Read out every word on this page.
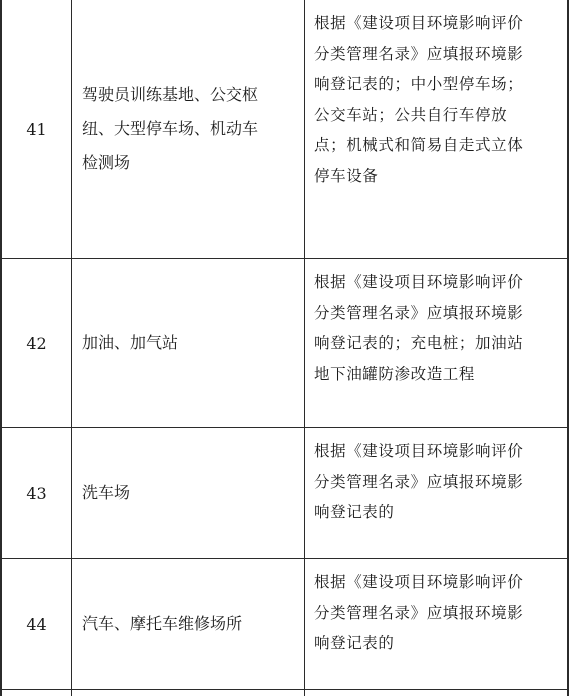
41
驾驶员训练基地、公交枢
纽、大型停车场、机动车
检测场
根据《建设项目环境影响评价
分类管理名录》应填报环境影
响登记表的；中小型停车场；
公交车站；公共自行车停放
点；机械式和简易自走式立体
停车设备
42 加油、加气站
根据《建设项目环境影响评价
分类管理名录》应填报环境影
响登记表的；充电桩；加油站
地下油罐防渗改造工程
43 洗车场
根据《建设项目环境影响评价
分类管理名录》应填报环境影
响登记表的
44 汽车、摩托车维修场所
根据《建设项目环境影响评价
分类管理名录》应填报环境影
响登记表的
